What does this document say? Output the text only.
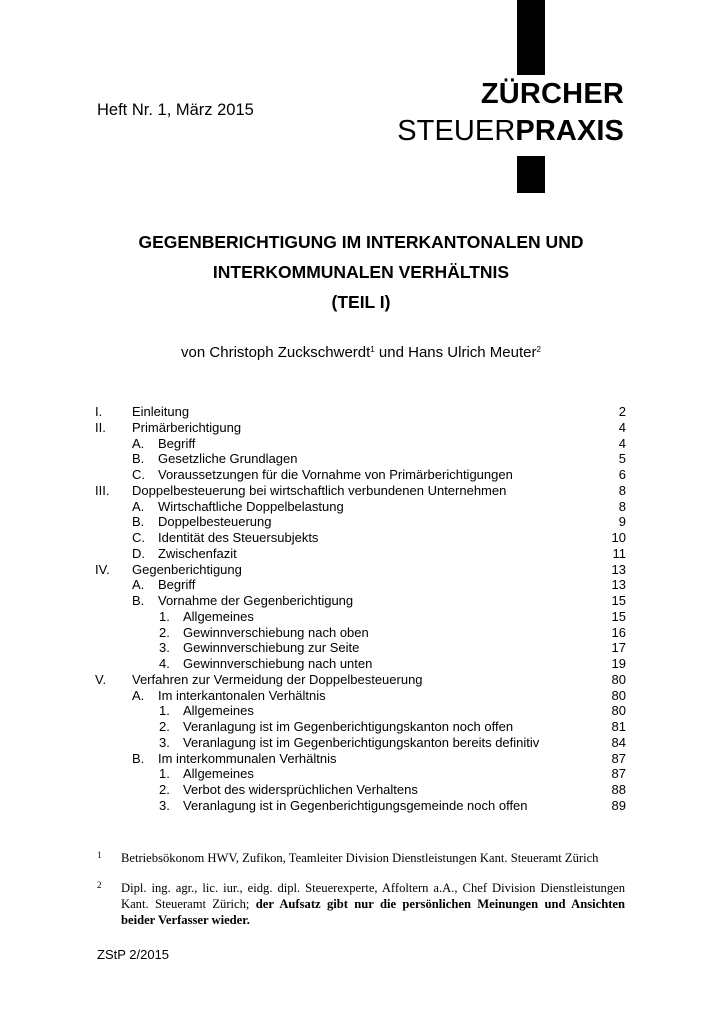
Heft Nr. 1, März 2015	ZÜRCHER
STEUERPRAXIS
GEGENBERICHTIGUNG IM INTERKANTONALEN UND
INTERKOMMUNALEN VERHÄLTNIS
(TEIL I)
von Christoph Zuckschwerdt$^1$ und Hans Ulrich Meuter$^2$
I. Einleitung	2
II. Primärberichtigung	4
A. Begriff	4
B. Gesetzliche Grundlagen	5
C. Voraussetzungen für die Vornahme von Primärberichtigungen	6
III. Doppelbesteuerung bei wirtschaftlich verbundenen Unternehmen	8
A. Wirtschaftliche Doppelbelastung	8
B. Doppelbesteuerung	9
C. Identität des Steuersubjekts	10
D. Zwischenfazit	11
IV. Gegenberichtigung	13
A. Begriff	13
B. Vornahme der Gegenberichtigung	15
1. Allgemeines	15
2. Gewinnverschiebung nach oben	16
3. Gewinnverschiebung zur Seite	17
4. Gewinnverschiebung nach unten	19
V. Verfahren zur Vermeidung der Doppelbesteuerung	80
A. Im interkantonalen Verhältnis	80
1. Allgemeines	80
2. Veranlagung ist im Gegenberichtigungskanton noch offen	81
3. Veranlagung ist im Gegenberichtigungskanton bereits definitiv	84
B. Im interkommunalen Verhältnis	87
1. Allgemeines	87
2. Verbot des widersprüchlichen Verhaltens	88
3. Veranlagung ist in Gegenberichtigungsgemeinde noch offen	89
1 Betriebsökonom HWV, Zufikon, Teamleiter Division Dienstleistungen Kant. Steueramt Zürich
2 Dipl. ing. agr., lic. iur., eidg. dipl. Steuerexperte, Affoltern a.A., Chef Division Dienstleistungen Kant. Steueramt Zürich; der Aufsatz gibt nur die persönlichen Meinungen und Ansichten beider Verfasser wieder.
ZStP 2/2015
